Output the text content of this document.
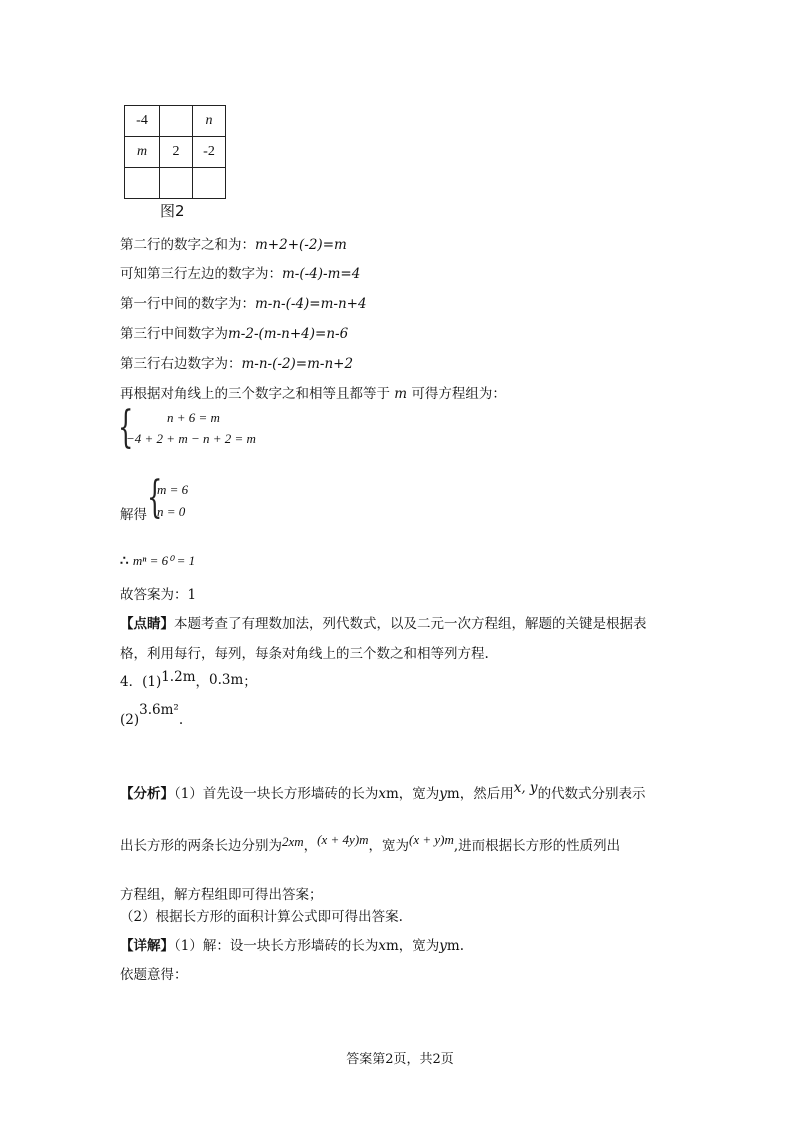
-4		n
m	2	-2

图2
第二行的数字之和为：m+2+(-2)=m
可知第三行左边的数字为：m-(-4)-m=4
第一行中间的数字为：m-n-(-4)=m-n+4
第三行中间数字为m-2-(m-n+4)=n-6
第三行右边数字为：m-n-(-2)=m-n+2
再根据对角线上的三个数字之和相等且都等于 m 可得方程组为：
{	n + 6 = m
−4 + 2 + m − n + 2 = m
解得 {
m = 6
n = 0
∴ mⁿ = 6⁰ = 1
故答案为：1
【点睛】本题考查了有理数加法，列代数式，以及二元一次方程组，解题的关键是根据表
格，利用每行，每列，每条对角线上的三个数之和相等列方程.
4．(1)1.2m，0.3m；
(2)3.6m².
【分析】（1）首先设一块长方形墙砖的长为xm，宽为ym，然后用x, y的代数式分别表示
出长方形的两条长边分别为2xm，(x + 4y)m，宽为(x + y)m,进而根据长方形的性质列出
方程组，解方程组即可得出答案；
（2）根据长方形的面积计算公式即可得出答案.
【详解】（1）解：设一块长方形墙砖的长为xm，宽为ym.
依题意得：
答案第2页，共2页
